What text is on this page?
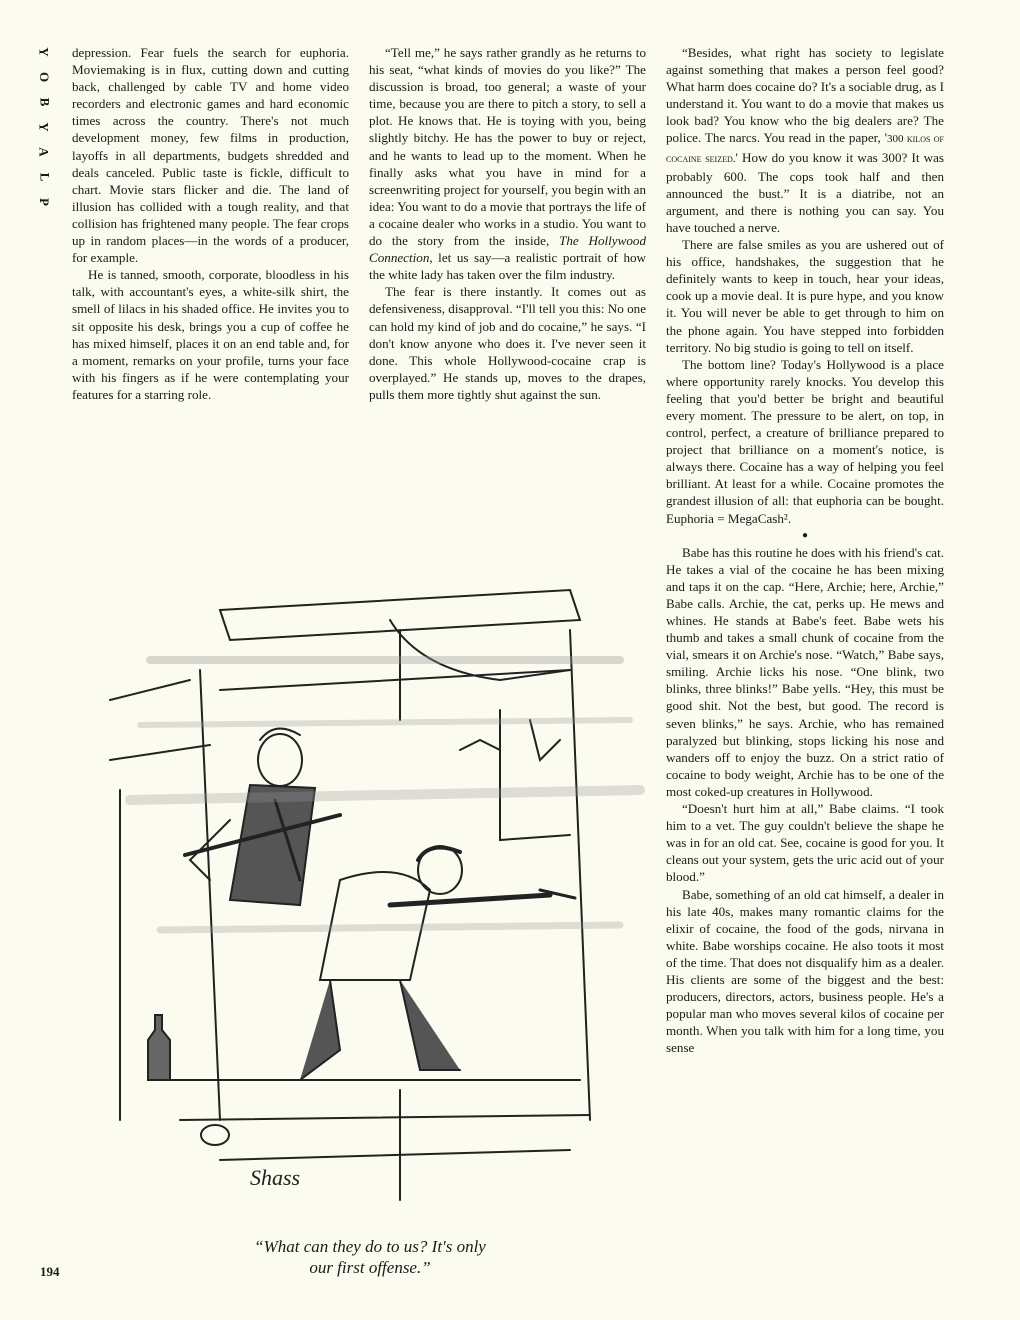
Y
O
B
Y
A
L
P

depression. Fear fuels the search for euphoria. Moviemaking is in flux, cutting down and cutting back, challenged by cable TV and home video recorders and electronic games and hard economic times across the country. There's not much development money, few films in production, layoffs in all departments, budgets shredded and deals canceled. Public taste is fickle, difficult to chart. Movie stars flicker and die. The land of illusion has collided with a tough reality, and that collision has frightened many people. The fear crops up in random places—in the words of a producer, for example.

He is tanned, smooth, corporate, bloodless in his talk, with accountant's eyes, a white-silk shirt, the smell of lilacs in his shaded office. He invites you to sit opposite his desk, brings you a cup of coffee he has mixed himself, places it on an end table and, for a moment, remarks on your profile, turns your face with his fingers as if he were contemplating your features for a starring role.

“Tell me,” he says rather grandly as he returns to his seat, “what kinds of movies do you like?” The discussion is broad, too general; a waste of your time, because you are there to pitch a story, to sell a plot. He knows that. He is toying with you, being slightly bitchy. He has the power to buy or reject, and he wants to lead up to the moment. When he finally asks what you have in mind for a screenwriting project for yourself, you begin with an idea: You want to do a movie that portrays the life of a cocaine dealer who works in a studio. You want to do the story from the inside, The Hollywood Connection, let us say—a realistic portrait of how the white lady has taken over the film industry.

The fear is there instantly. It comes out as defensiveness, disapproval. “I'll tell you this: No one can hold my kind of job and do cocaine,” he says. “I don't know anyone who does it. I've never seen it done. This whole Hollywood-cocaine crap is overplayed.” He stands up, moves to the drapes, pulls them more tightly shut against the sun.

“Besides, what right has society to legislate against something that makes a person feel good? What harm does cocaine do? It's a sociable drug, as I understand it. You want to do a movie that makes us look bad? You know who the big dealers are? The police. The narcs. You read in the paper, '300 kilos of cocaine seized.' How do you know it was 300? It was probably 600. The cops took half and then announced the bust.” It is a diatribe, not an argument, and there is nothing you can say. You have touched a nerve.

There are false smiles as you are ushered out of his office, handshakes, the suggestion that he definitely wants to keep in touch, hear your ideas, cook up a movie deal. It is pure hype, and you know it. You will never be able to get through to him on the phone again. You have stepped into forbidden territory. No big studio is going to tell on itself.

The bottom line? Today's Hollywood is a place where opportunity rarely knocks. You develop this feeling that you'd better be bright and beautiful every moment. The pressure to be alert, on top, in control, perfect, a creature of brilliance prepared to project that brilliance on a moment's notice, is always there. Cocaine has a way of helping you feel brilliant. At least for a while. Cocaine promotes the grandest illusion of all: that euphoria can be bought. Euphoria = MegaCash².

●

Babe has this routine he does with his friend's cat. He takes a vial of the cocaine he has been mixing and taps it on the cap. “Here, Archie; here, Archie,” Babe calls. Archie, the cat, perks up. He mews and whines. He stands at Babe's feet. Babe wets his thumb and takes a small chunk of cocaine from the vial, smears it on Archie's nose. “Watch,” Babe says, smiling. Archie licks his nose. “One blink, two blinks, three blinks!” Babe yells. “Hey, this must be good shit. Not the best, but good. The record is seven blinks,” he says. Archie, who has remained paralyzed but blinking, stops licking his nose and wanders off to enjoy the buzz. On a strict ratio of cocaine to body weight, Archie has to be one of the most coked-up creatures in Hollywood.

“Doesn't hurt him at all,” Babe claims. “I took him to a vet. The guy couldn't believe the shape he was in for an old cat. See, cocaine is good for you. It cleans out your system, gets the uric acid out of your blood.”

Babe, something of an old cat himself, a dealer in his late 40s, makes many romantic claims for the elixir of cocaine, the food of the gods, nirvana in white. Babe worships cocaine. He also toots it most of the time. That does not disqualify him as a dealer. His clients are some of the biggest and the best: producers, directors, actors, business people. He's a popular man who moves several kilos of cocaine per month. When you talk with him for a long time, you sense

Shass
“What can they do to us? It's only
our first offense.”
194
